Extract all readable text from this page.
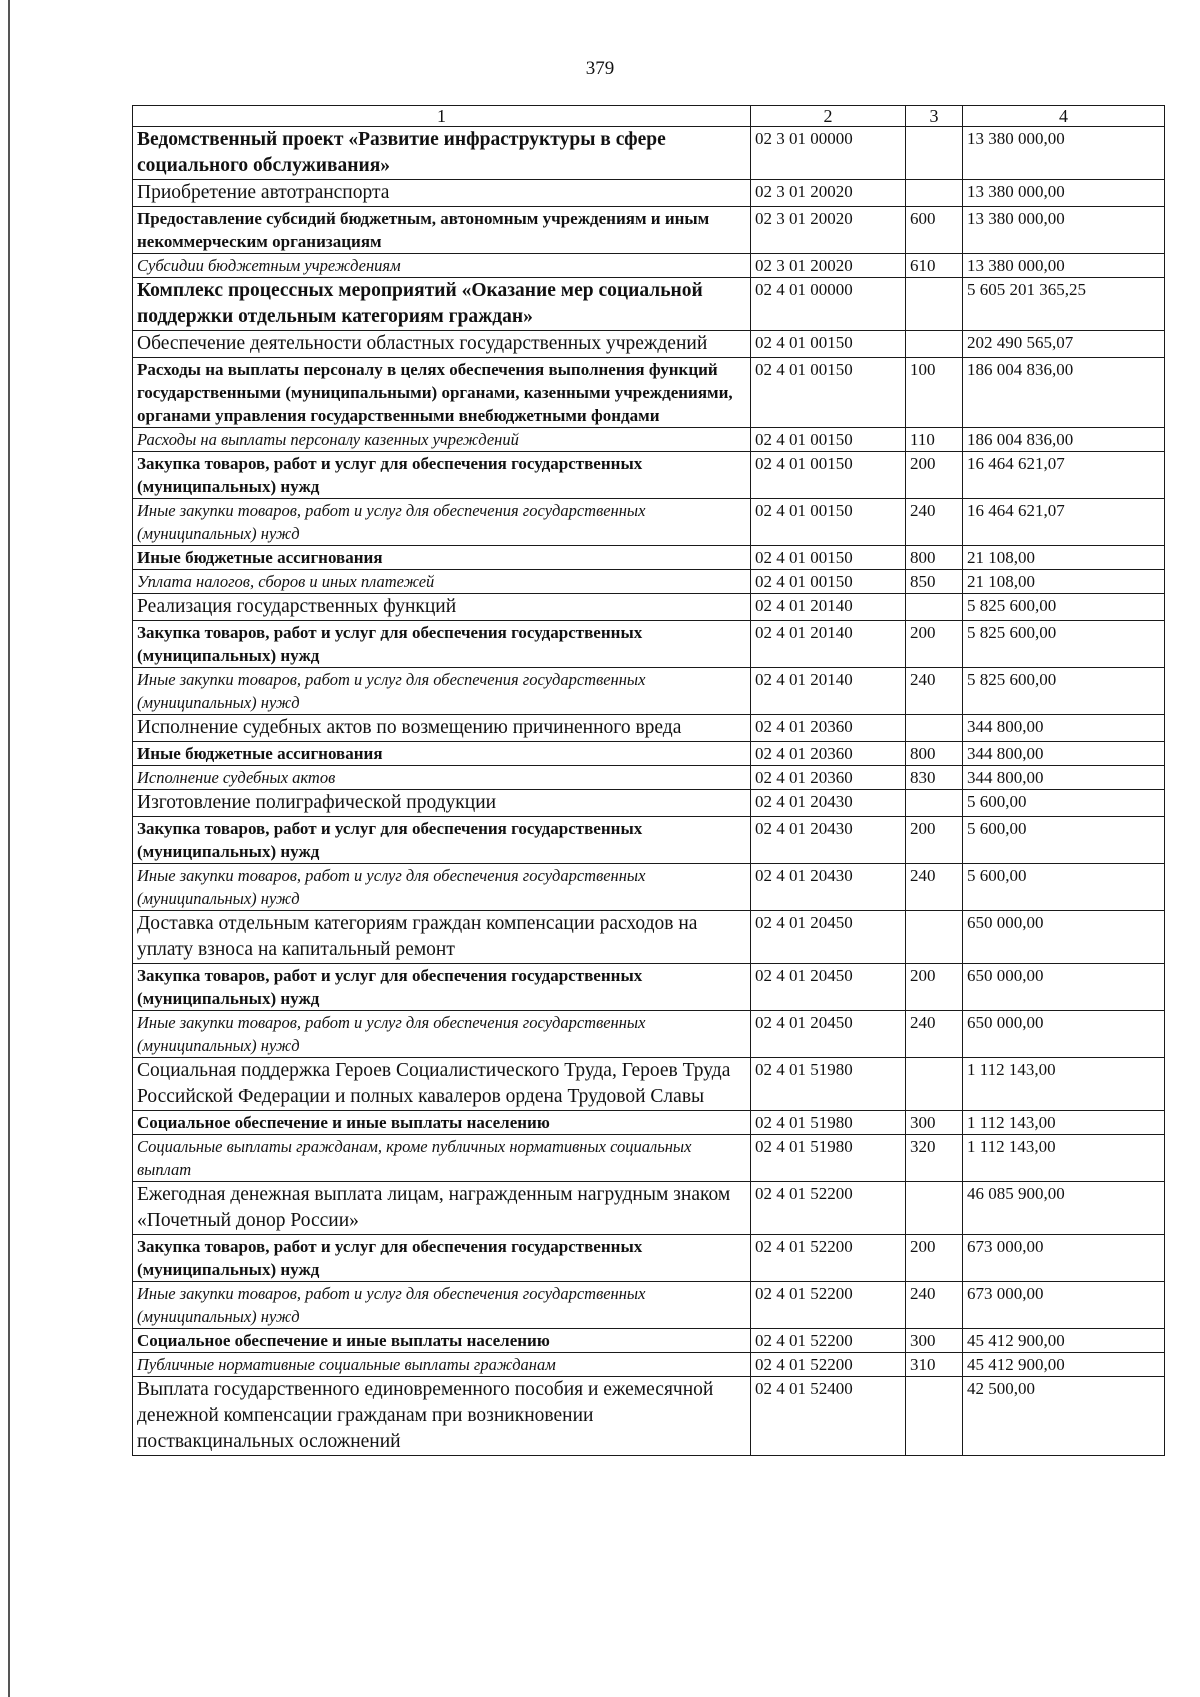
379
1	2	3	4
Ведомственный проект «Развитие инфраструктуры в сфере социального обслуживания»	02 3 01 00000		13 380 000,00
Приобретение автотранспорта	02 3 01 20020		13 380 000,00
Предоставление субсидий бюджетным, автономным учреждениям и иным некоммерческим организациям	02 3 01 20020	600	13 380 000,00
Субсидии бюджетным учреждениям	02 3 01 20020	610	13 380 000,00
Комплекс процессных мероприятий «Оказание мер социальной поддержки отдельным категориям граждан»	02 4 01 00000		5 605 201 365,25
Обеспечение деятельности областных государственных учреждений	02 4 01 00150		202 490 565,07
Расходы на выплаты персоналу в целях обеспечения выполнения функций государственными (муниципальными) органами, казенными учреждениями, органами управления государственными внебюджетными фондами	02 4 01 00150	100	186 004 836,00
Расходы на выплаты персоналу казенных учреждений	02 4 01 00150	110	186 004 836,00
Закупка товаров, работ и услуг для обеспечения государственных (муниципальных) нужд	02 4 01 00150	200	16 464 621,07
Иные закупки товаров, работ и услуг для обеспечения государственных (муниципальных) нужд	02 4 01 00150	240	16 464 621,07
Иные бюджетные ассигнования	02 4 01 00150	800	21 108,00
Уплата налогов, сборов и иных платежей	02 4 01 00150	850	21 108,00
Реализация государственных функций	02 4 01 20140		5 825 600,00
Закупка товаров, работ и услуг для обеспечения государственных (муниципальных) нужд	02 4 01 20140	200	5 825 600,00
Иные закупки товаров, работ и услуг для обеспечения государственных (муниципальных) нужд	02 4 01 20140	240	5 825 600,00
Исполнение судебных актов по возмещению причиненного вреда	02 4 01 20360		344 800,00
Иные бюджетные ассигнования	02 4 01 20360	800	344 800,00
Исполнение судебных актов	02 4 01 20360	830	344 800,00
Изготовление полиграфической продукции	02 4 01 20430		5 600,00
Закупка товаров, работ и услуг для обеспечения государственных (муниципальных) нужд	02 4 01 20430	200	5 600,00
Иные закупки товаров, работ и услуг для обеспечения государственных (муниципальных) нужд	02 4 01 20430	240	5 600,00
Доставка отдельным категориям граждан компенсации расходов на уплату взноса на капитальный ремонт	02 4 01 20450		650 000,00
Закупка товаров, работ и услуг для обеспечения государственных (муниципальных) нужд	02 4 01 20450	200	650 000,00
Иные закупки товаров, работ и услуг для обеспечения государственных (муниципальных) нужд	02 4 01 20450	240	650 000,00
Социальная поддержка Героев Социалистического Труда, Героев Труда Российской Федерации и полных кавалеров ордена Трудовой Славы	02 4 01 51980		1 112 143,00
Социальное обеспечение и иные выплаты населению	02 4 01 51980	300	1 112 143,00
Социальные выплаты гражданам, кроме публичных нормативных социальных выплат	02 4 01 51980	320	1 112 143,00
Ежегодная денежная выплата лицам, награжденным нагрудным знаком «Почетный донор России»	02 4 01 52200		46 085 900,00
Закупка товаров, работ и услуг для обеспечения государственных (муниципальных) нужд	02 4 01 52200	200	673 000,00
Иные закупки товаров, работ и услуг для обеспечения государственных (муниципальных) нужд	02 4 01 52200	240	673 000,00
Социальное обеспечение и иные выплаты населению	02 4 01 52200	300	45 412 900,00
Публичные нормативные социальные выплаты гражданам	02 4 01 52200	310	45 412 900,00
Выплата государственного единовременного пособия и ежемесячной денежной компенсации гражданам при возникновении поствакцинальных осложнений	02 4 01 52400		42 500,00
